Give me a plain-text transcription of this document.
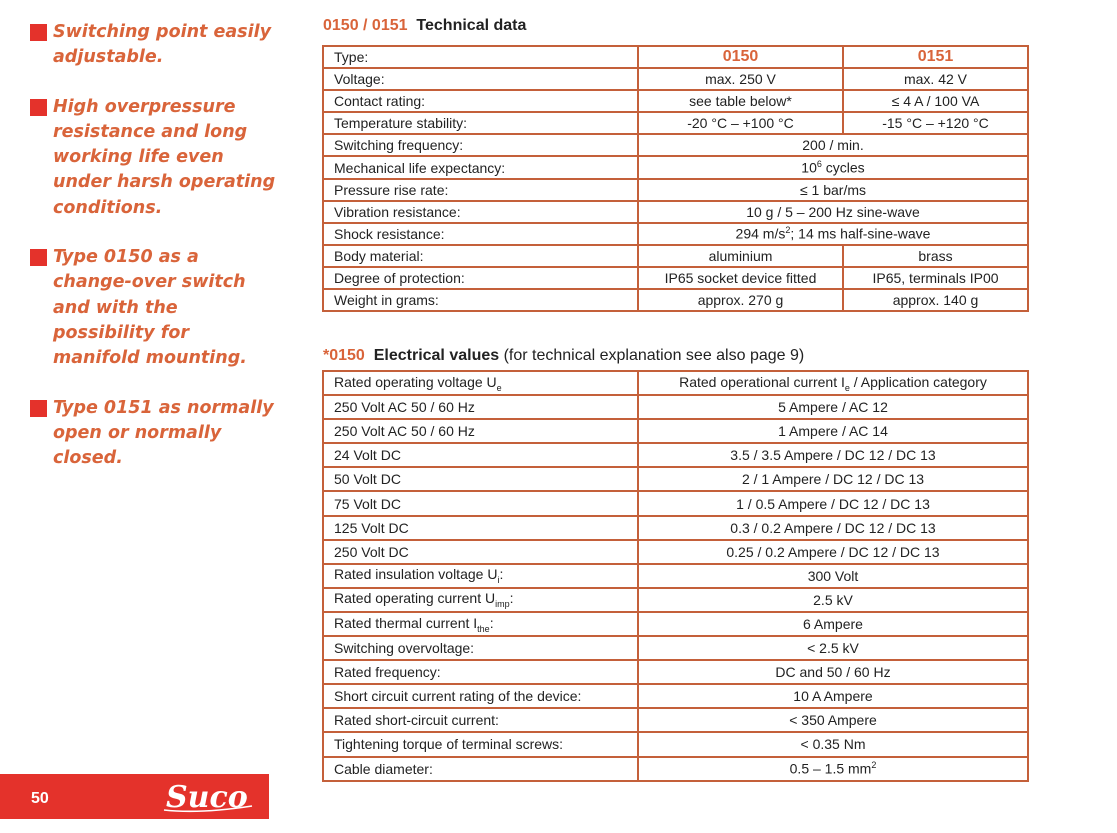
Switching point easily adjustable.
High overpressure resistance and long working life even under harsh operating conditions.
Type 0150 as a change-over switch and with the possibility for manifold mounting.
Type 0151 as normally open or normally closed.
0150 / 0151 Technical data
Type:	0150	0151
Voltage:	max. 250 V	max. 42 V
Contact rating:	see table below*	≤ 4 A / 100 VA
Temperature stability:	-20 °C – +100 °C	-15 °C – +120 °C
Switching frequency:	200 / min.	
Mechanical life expectancy:	$10^6$ cycles	
Pressure rise rate:	≤ 1 bar/ms	
Vibration resistance:	10 g / 5 – 200 Hz sine-wave	
Shock resistance:	294 $m/s^2$; 14 ms half-sine-wave	
Body material:	aluminium	brass
Degree of protection:	IP65 socket device fitted	IP65, terminals IP00
Weight in grams:	approx. 270 g	approx. 140 g
*0150 Electrical values (for technical explanation see also page 9)
Rated operating voltage $U_e$	Rated operational current $I_e$ / Application category
250 Volt AC 50 / 60 Hz	5 Ampere / AC 12
250 Volt AC 50 / 60 Hz	1 Ampere / AC 14
24 Volt DC	3.5 / 3.5 Ampere / DC 12 / DC 13
50 Volt DC	2 / 1 Ampere / DC 12 / DC 13
75 Volt DC	1 / 0.5 Ampere / DC 12 / DC 13
125 Volt DC	0.3 / 0.2 Ampere / DC 12 / DC 13
250 Volt DC	0.25 / 0.2 Ampere / DC 12 / DC 13
Rated insulation voltage $U_i$:	300 Volt
Rated operating current $U_{imp}$:	2.5 kV
Rated thermal current $I_{the}$:	6 Ampere
Switching overvoltage:	< 2.5 kV
Rated frequency:	DC and 50 / 60 Hz
Short circuit current rating of the device:	10 A Ampere
Rated short-circuit current:	< 350 Ampere
Tightening torque of terminal screws:	< 0.35 Nm
Cable diameter:	0.5 – 1.5 $mm^2$
50	Suco
